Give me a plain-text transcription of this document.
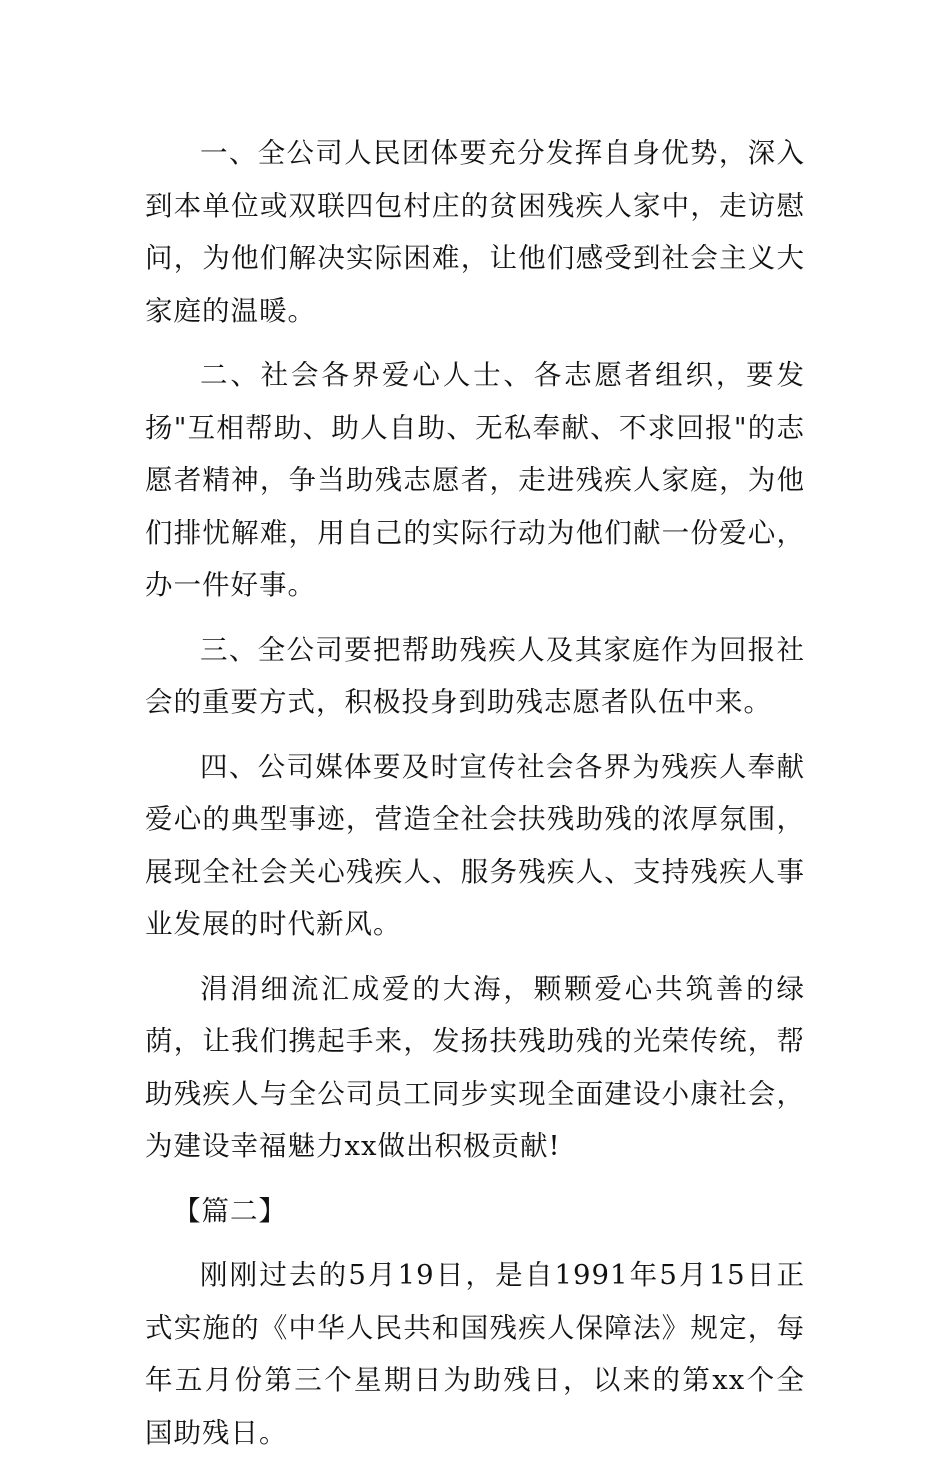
一、全公司人民团体要充分发挥自身优势，深入到本单位或双联四包村庄的贫困残疾人家中，走访慰问，为他们解决实际困难，让他们感受到社会主义大家庭的温暖。

二、社会各界爱心人士、各志愿者组织，要发扬"互相帮助、助人自助、无私奉献、不求回报"的志愿者精神，争当助残志愿者，走进残疾人家庭，为他们排忧解难，用自己的实际行动为他们献一份爱心，办一件好事。

三、全公司要把帮助残疾人及其家庭作为回报社会的重要方式，积极投身到助残志愿者队伍中来。

四、公司媒体要及时宣传社会各界为残疾人奉献爱心的典型事迹，营造全社会扶残助残的浓厚氛围，展现全社会关心残疾人、服务残疾人、支持残疾人事业发展的时代新风。

涓涓细流汇成爱的大海，颗颗爱心共筑善的绿荫，让我们携起手来，发扬扶残助残的光荣传统，帮助残疾人与全公司员工同步实现全面建设小康社会，为建设幸福魅力xx做出积极贡献!

【篇二】

刚刚过去的5月19日，是自1991年5月15日正式实施的《中华人民共和国残疾人保障法》规定，每年五月份第三个星期日为助残日，以来的第xx个全国助残日。
